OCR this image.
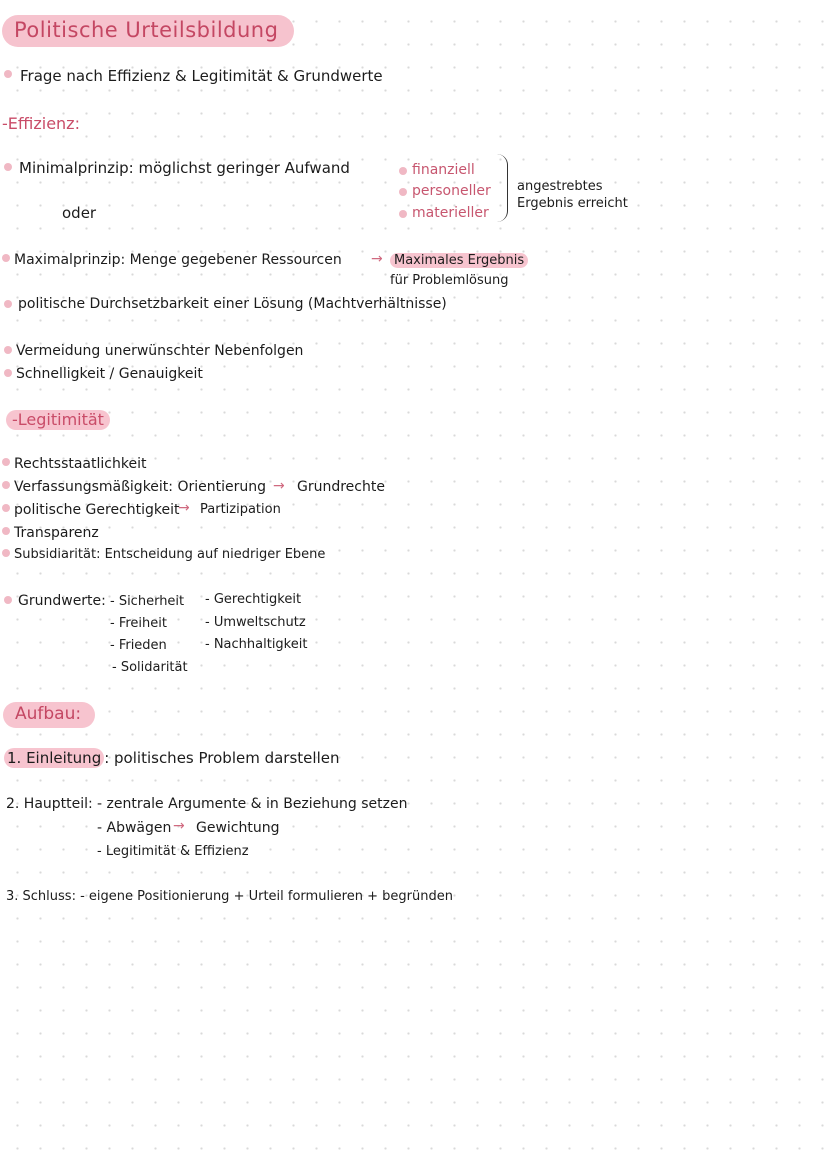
Politische Urteilsbildung
Frage nach Effizienz & Legitimität & Grundwerte
-Effizienz:
Minimalprinzip: möglichst geringer Aufwand
oder
finanziell
personeller
materieller
angestrebtes
Ergebnis erreicht
Maximalprinzip: Menge gegebener Ressourcen → Maximales Ergebnis
für Problemlösung
politische Durchsetzbarkeit einer Lösung (Machtverhältnisse)
Vermeidung unerwünschter Nebenfolgen
Schnelligkeit / Genauigkeit
-Legitimität
Rechtsstaatlichkeit
Verfassungsmäßigkeit: Orientierung → Grundrechte
politische Gerechtigkeit
→ Partizipation
Transparenz
Subsidiarität: Entscheidung auf niedriger Ebene
Grundwerte: - Sicherheit
- Freiheit
- Frieden
- Solidarität
- Gerechtigkeit
- Umweltschutz
- Nachhaltigkeit
Aufbau:
1. Einleitung : politisches Problem darstellen
2. Hauptteil: - zentrale Argumente & in Beziehung setzen
- Abwägen → Gewichtung
- Legitimität & Effizienz
3. Schluss: - eigene Positionierung + Urteil formulieren + begründen
